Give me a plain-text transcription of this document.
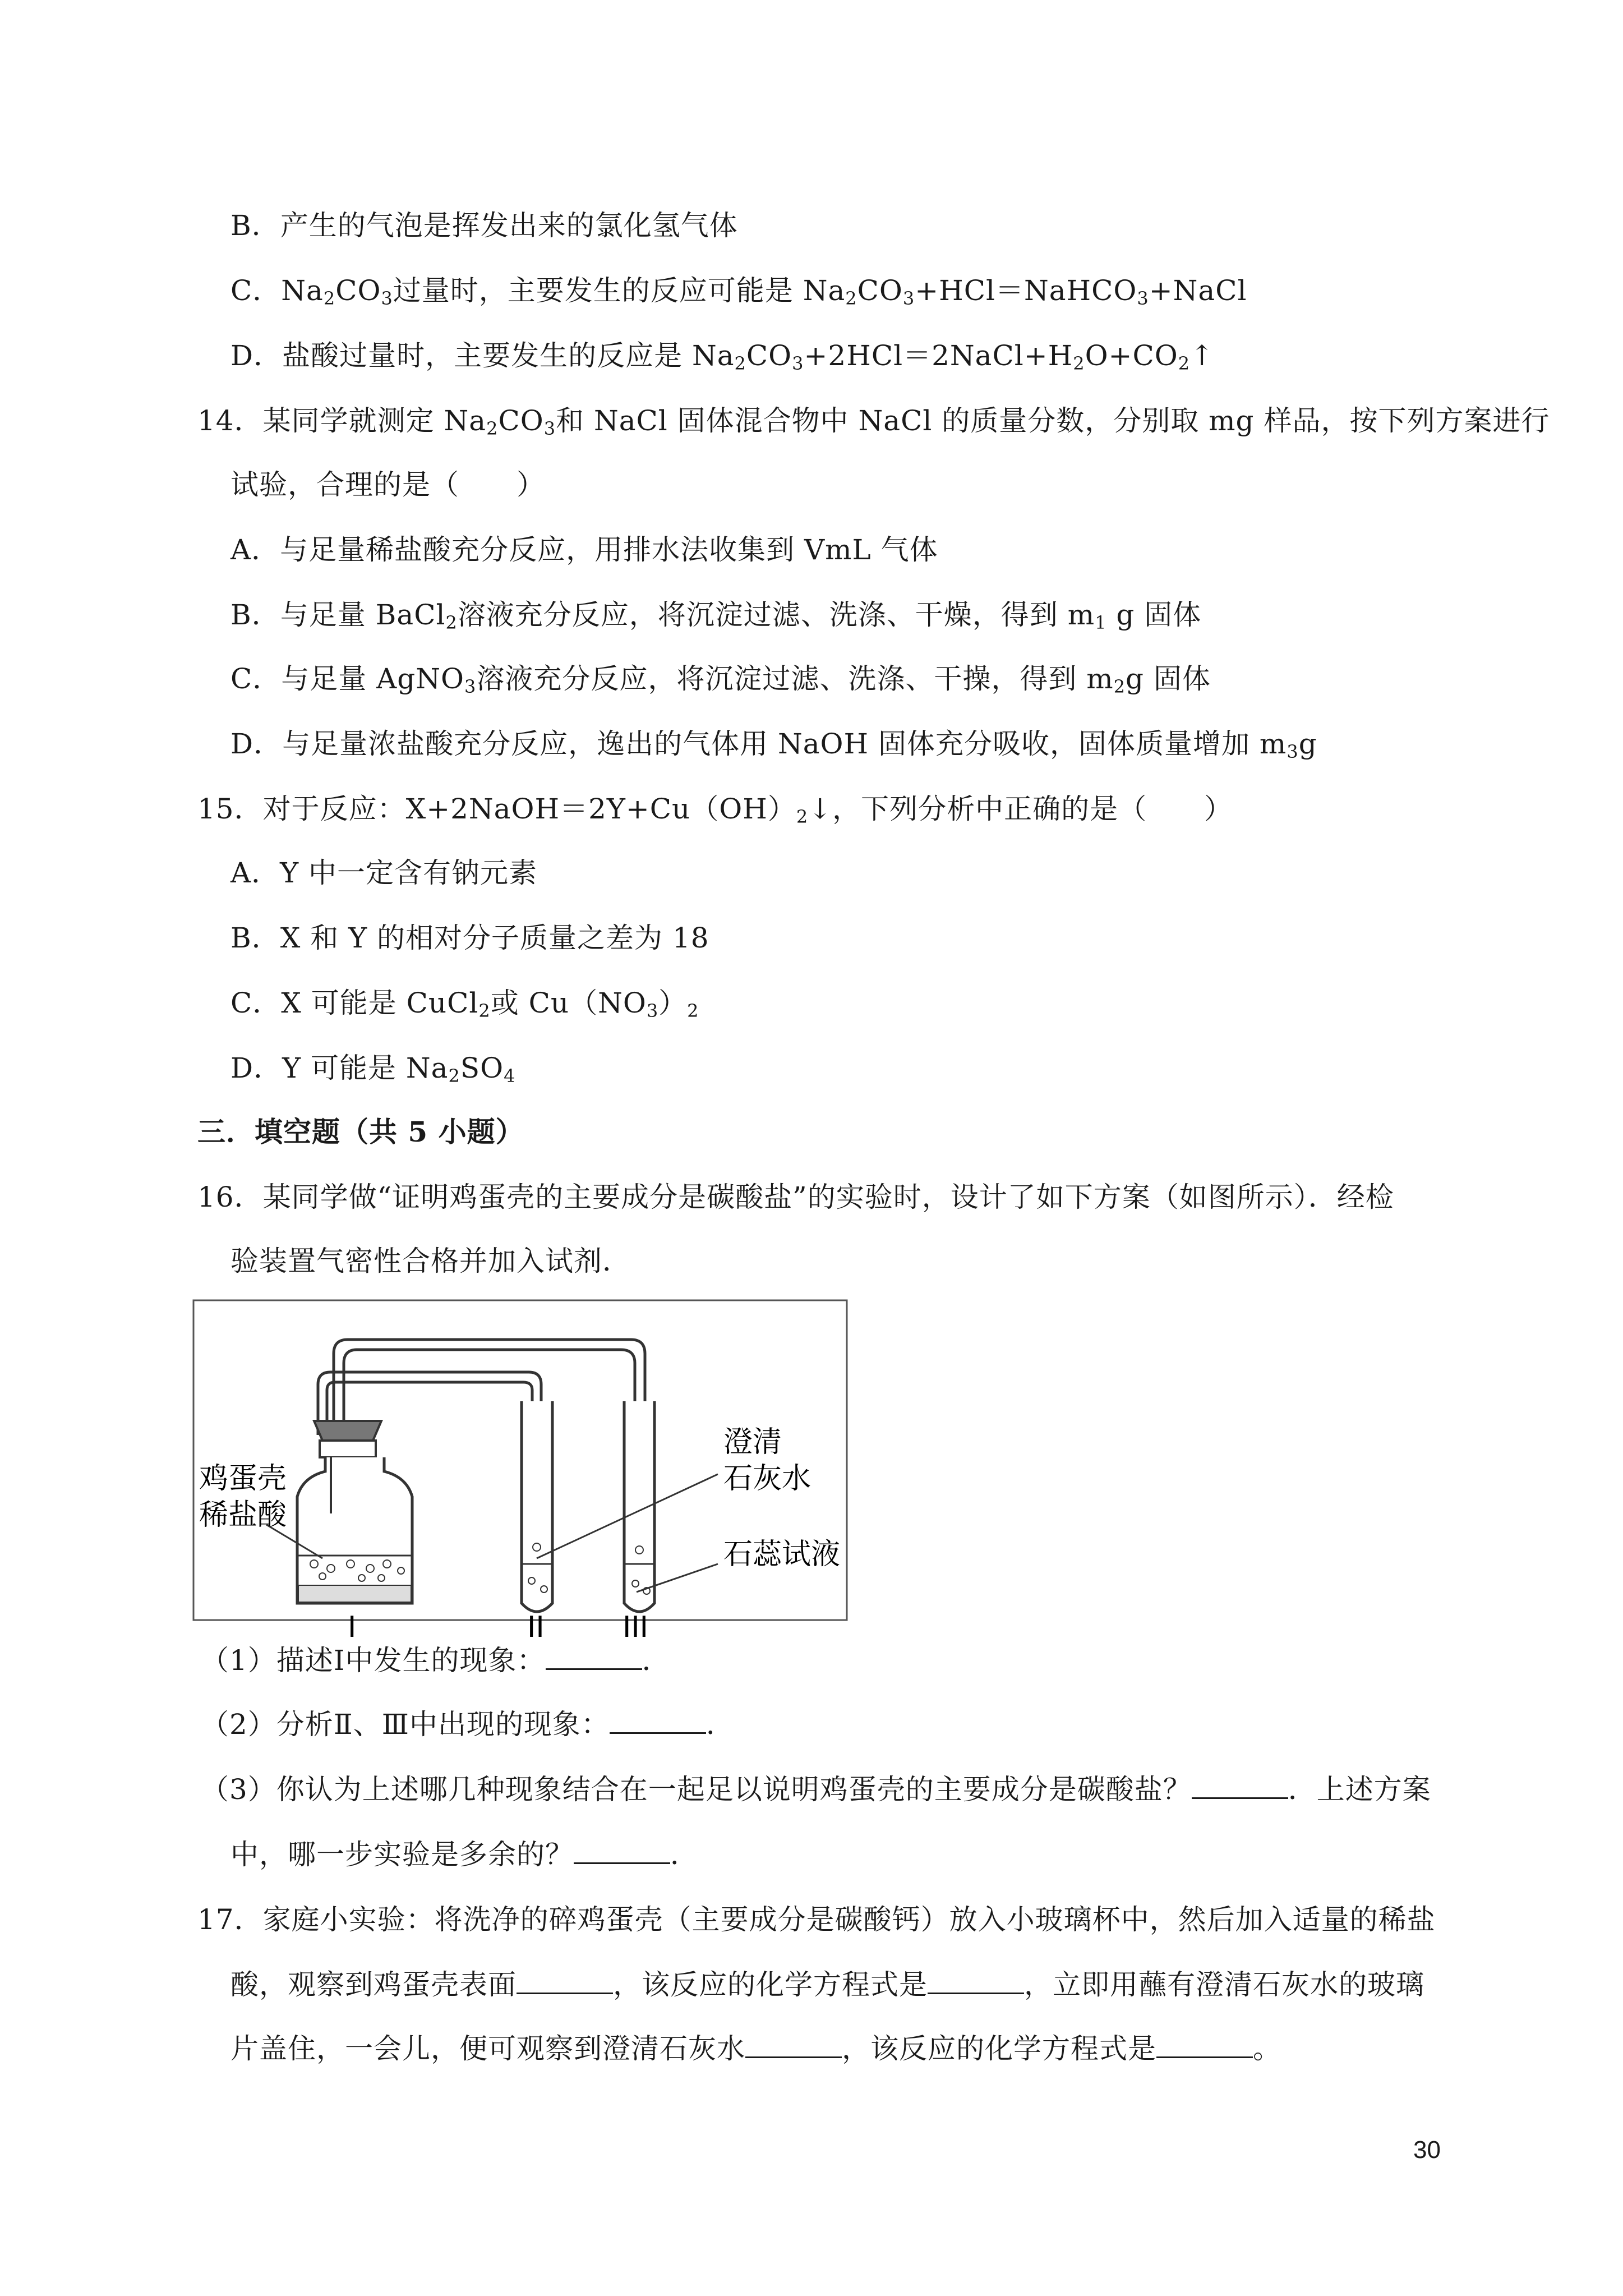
B．产生的气泡是挥发出来的氯化氢气体
C．$Na_2CO_3$过量时，主要发生的反应可能是 $Na_2CO_3+HCl=NaHCO_3+NaCl$
D．盐酸过量时，主要发生的反应是 $Na_2CO_3+2HCl=2NaCl+H_2O+CO_2↑$
14．某同学就测定 $Na_2CO_3$和 NaCl 固体混合物中 NaCl 的质量分数，分别取 mg 样品，按下列方案进行
试验，合理的是（　　）
A．与足量稀盐酸充分反应，用排水法收集到 VmL 气体
B．与足量 BaCl$_2$溶液充分反应，将沉淀过滤、洗涤、干燥，得到 $m_1$ g 固体
C．与足量 AgNO$_3$溶液充分反应，将沉淀过滤、洗涤、干操，得到 $m_2g$ 固体
D．与足量浓盐酸充分反应，逸出的气体用 NaOH 固体充分吸收，固体质量增加 $m_3g$
15．对于反应：$X+2NaOH=2Y+Cu(OH)_2↓$，下列分析中正确的是（　　）
A．Y 中一定含有钠元素
B．X 和 Y 的相对分子质量之差为 18
C．X 可能是 CuCl$_2$或 $Cu(NO_3)_2$
D．Y 可能是 $Na_2SO_4$
三．填空题（共 5 小题）
16．某同学做“证明鸡蛋壳的主要成分是碳酸盐”的实验时，设计了如下方案（如图所示）．经检
验装置气密性合格并加入试剂．
鸡蛋壳
稀盐酸
澄清
石灰水
石蕊试液
I	II	III
（1）描述Ⅰ中发生的现象：	．
（2）分析Ⅱ、Ⅲ中出现的现象：	．
（3）你认为上述哪几种现象结合在一起足以说明鸡蛋壳的主要成分是碳酸盐？	．上述方案
中，哪一步实验是多余的？	．
17．家庭小实验：将洗净的碎鸡蛋壳（主要成分是碳酸钙）放入小玻璃杯中，然后加入适量的稀盐
酸，观察到鸡蛋壳表面	，该反应的化学方程式是	，立即用蘸有澄清石灰水的玻璃
片盖住，一会儿，便可观察到澄清石灰水	，该反应的化学方程式是	。
30
